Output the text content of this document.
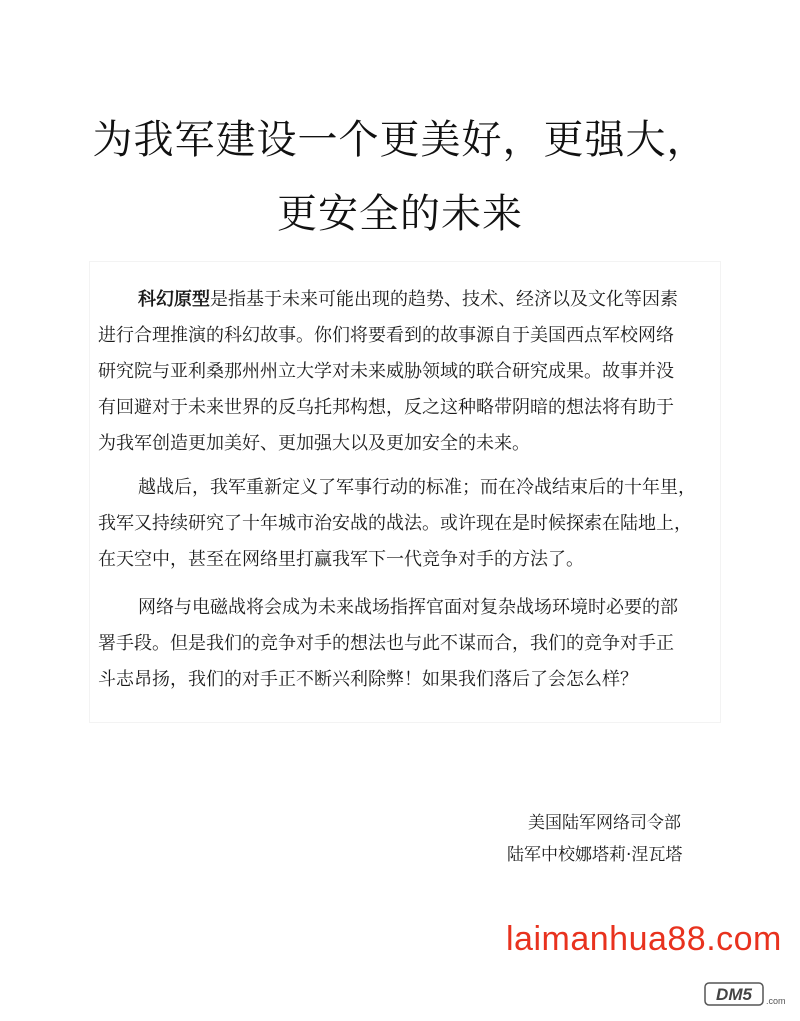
为我军建设一个更美好，更强大，
更安全的未来

科幻原型是指基于未来可能出现的趋势、技术、经济以及文化等因素
进行合理推演的科幻故事。你们将要看到的故事源自于美国西点军校网络
研究院与亚利桑那州州立大学对未来威胁领域的联合研究成果。故事并没
有回避对于未来世界的反乌托邦构想，反之这种略带阴暗的想法将有助于
为我军创造更加美好、更加强大以及更加安全的未来。

越战后，我军重新定义了军事行动的标准；而在冷战结束后的十年里，
我军又持续研究了十年城市治安战的战法。或许现在是时候探索在陆地上，
在天空中，甚至在网络里打赢我军下一代竞争对手的方法了。

网络与电磁战将会成为未来战场指挥官面对复杂战场环境时必要的部
署手段。但是我们的竞争对手的想法也与此不谋而合，我们的竞争对手正
斗志昂扬，我们的对手正不断兴利除弊！如果我们落后了会怎么样？

美国陆军网络司令部

陆军中校娜塔莉·涅瓦塔

laimanhua88.com
DM5 .com
